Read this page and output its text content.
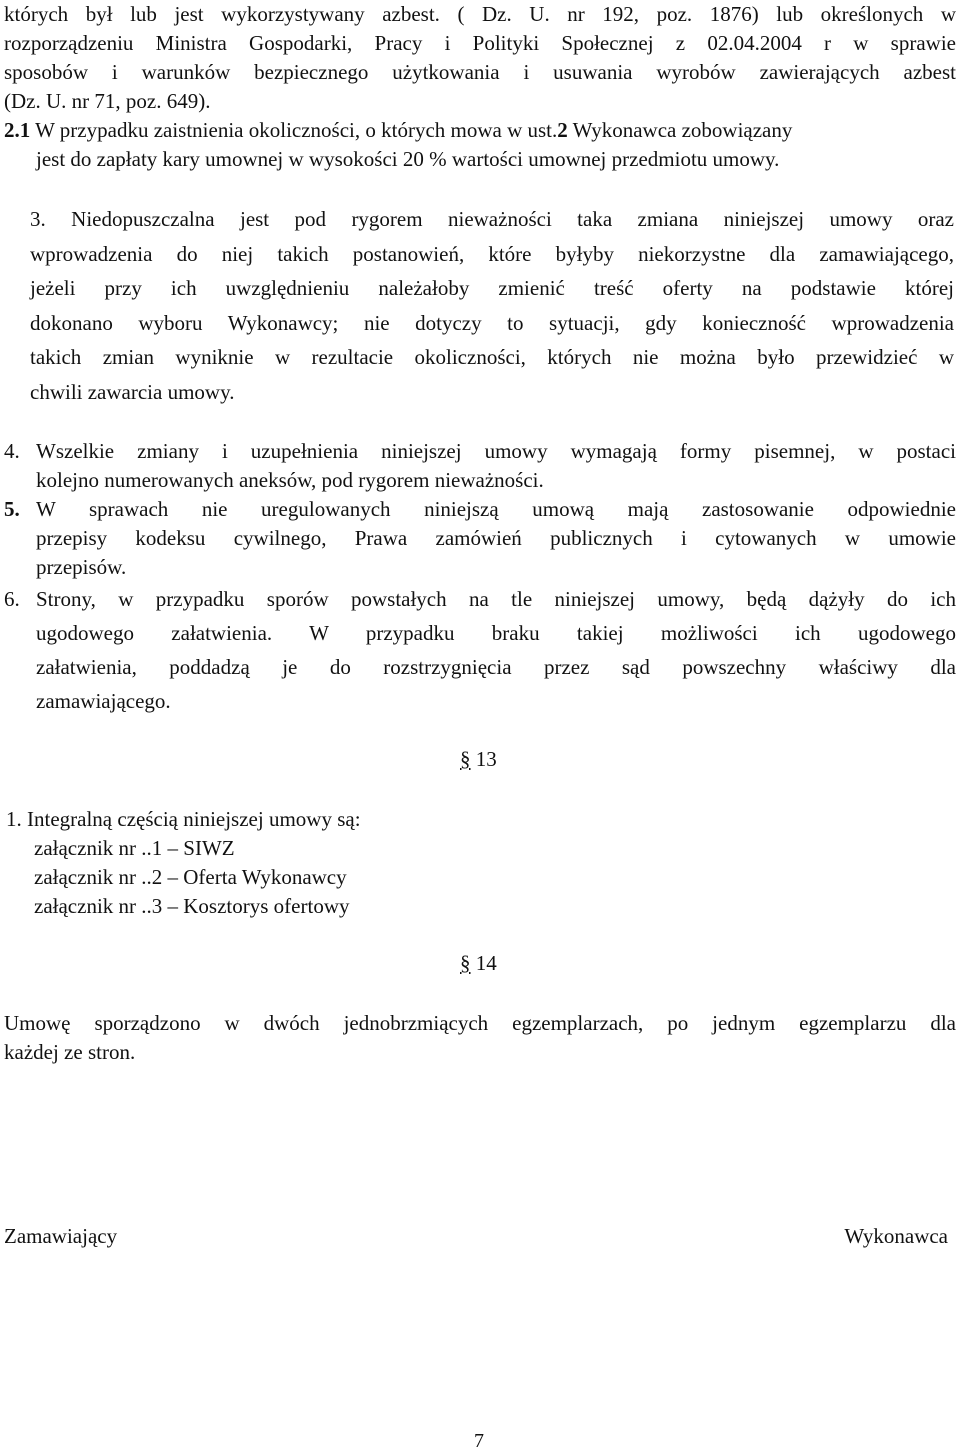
których był lub jest wykorzystywany azbest. ( Dz. U. nr 192, poz. 1876) lub określonych w
rozporządzeniu Ministra Gospodarki, Pracy i Polityki Społecznej z 02.04.2004 r w sprawie
sposobów i warunków bezpiecznego użytkowania i usuwania wyrobów zawierających azbest
(Dz. U. nr 71, poz. 649).
2.1 W przypadku zaistnienia okoliczności, o których mowa w ust.2 Wykonawca zobowiązany
jest do zapłaty kary umownej w wysokości 20 % wartości umownej przedmiotu umowy.
3. Niedopuszczalna jest pod rygorem nieważności taka zmiana niniejszej umowy oraz
wprowadzenia do niej takich postanowień, które byłyby niekorzystne dla zamawiającego,
jeżeli przy ich uwzględnieniu należałoby zmienić treść oferty na podstawie której
dokonano wyboru Wykonawcy; nie dotyczy to sytuacji, gdy konieczność wprowadzenia
takich zmian wyniknie w rezultacie okoliczności, których nie można było przewidzieć w
chwili zawarcia umowy.
4. Wszelkie zmiany i uzupełnienia niniejszej umowy wymagają formy pisemnej, w postaci
kolejno numerowanych aneksów, pod rygorem nieważności.
5. W sprawach nie uregulowanych niniejszą umową mają zastosowanie odpowiednie
przepisy kodeksu cywilnego, Prawa zamówień publicznych i cytowanych w umowie
przepisów.
6. Strony, w przypadku sporów powstałych na tle niniejszej umowy, będą dążyły do ich
ugodowego załatwienia. W przypadku braku takiej możliwości ich ugodowego
załatwienia, poddadzą je do rozstrzygnięcia przez sąd powszechny właściwy dla
zamawiającego.
§ 13
1. Integralną częścią niniejszej umowy są:
załącznik nr ..1 – SIWZ
załącznik nr ..2 – Oferta Wykonawcy
załącznik nr ..3 – Kosztorys ofertowy
§ 14
Umowę sporządzono w dwóch jednobrzmiących egzemplarzach, po jednym egzemplarzu dla
każdej ze stron.
Zamawiający	Wykonawca
7
